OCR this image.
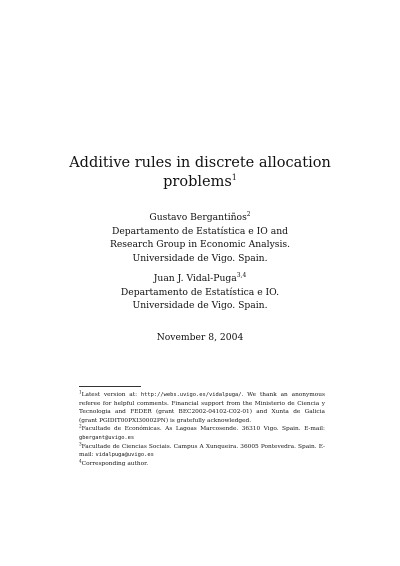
Additive rules in discrete allocation
problems$^1$
Gustavo Bergantiños$^2$
Departamento de Estatística e IO and
Research Group in Economic Analysis.
Universidade de Vigo. Spain.
Juan J. Vidal-Puga$^{3,4}$
Departamento de Estatística e IO.
Universidade de Vigo. Spain.
November 8, 2004

$^1$Latest version at: http://webs.uvigo.es/vidalpuga/. We thank an anonymous referee for helpful comments. Financial support from the Ministerio de Ciencia y Tecnologia and FEDER (grant BEC2002-04102-C02-01) and Xunta de Galicia (grant PGIDIT00PXI30002PN) is gratefully acknowledged.

$^2$Facultade de Económicas. As Lagoas Marcosende. 36310 Vigo. Spain. E-mail: gbergant@uvigo.es

$^3$Facultade de Ciencias Sociais. Campus A Xunqueira. 36005 Pontevedra. Spain. E-mail: vidalpuga@uvigo.es

$^4$Corresponding author.
